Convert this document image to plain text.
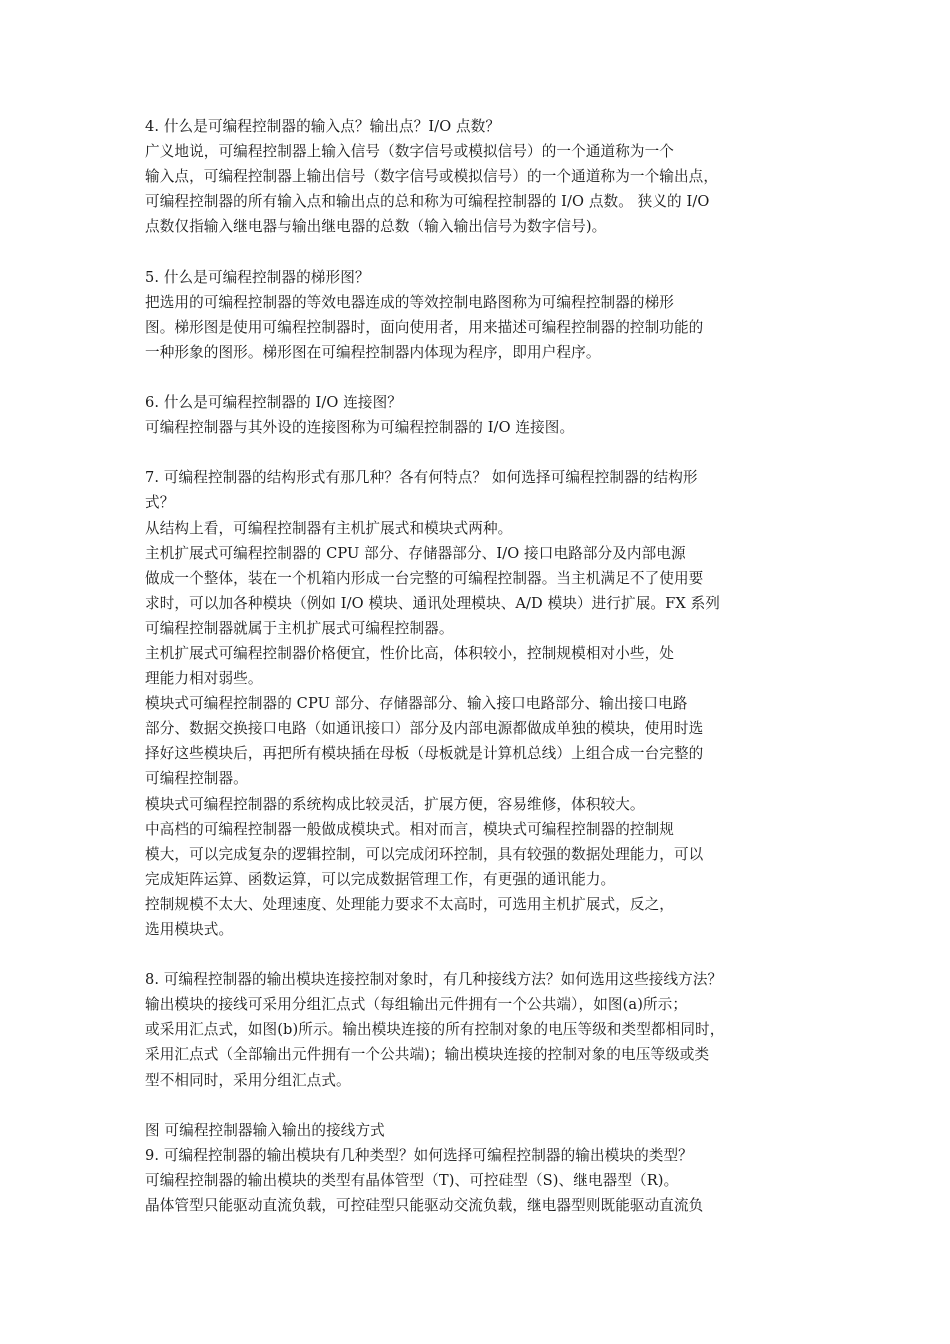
4. 什么是可编程控制器的输入点？输出点？I/O 点数？
广义地说，可编程控制器上输入信号（数字信号或模拟信号）的一个通道称为一个
输入点，可编程控制器上输出信号（数字信号或模拟信号）的一个通道称为一个输出点，
可编程控制器的所有输入点和输出点的总和称为可编程控制器的 I/O 点数。 狭义的 I/O
点数仅指输入继电器与输出继电器的总数（输入输出信号为数字信号)。
5. 什么是可编程控制器的梯形图？
把选用的可编程控制器的等效电器连成的等效控制电路图称为可编程控制器的梯形
图。梯形图是使用可编程控制器时，面向使用者，用来描述可编程控制器的控制功能的
一种形象的图形。梯形图在可编程控制器内体现为程序，即用户程序。
6. 什么是可编程控制器的 I/O 连接图？
可编程控制器与其外设的连接图称为可编程控制器的 I/O 连接图。
7. 可编程控制器的结构形式有那几种？各有何特点？ 如何选择可编程控制器的结构形
式？
从结构上看，可编程控制器有主机扩展式和模块式两种。
主机扩展式可编程控制器的 CPU 部分、存储器部分、I/O 接口电路部分及内部电源
做成一个整体，装在一个机箱内形成一台完整的可编程控制器。当主机满足不了使用要
求时，可以加各种模块（例如 I/O 模块、通讯处理模块、A/D 模块）进行扩展。FX 系列
可编程控制器就属于主机扩展式可编程控制器。
主机扩展式可编程控制器价格便宜，性价比高，体积较小，控制规模相对小些，处
理能力相对弱些。
模块式可编程控制器的 CPU 部分、存储器部分、输入接口电路部分、输出接口电路
部分、数据交换接口电路（如通讯接口）部分及内部电源都做成单独的模块，使用时选
择好这些模块后，再把所有模块插在母板（母板就是计算机总线）上组合成一台完整的
可编程控制器。
模块式可编程控制器的系统构成比较灵活，扩展方便，容易维修，体积较大。
中高档的可编程控制器一般做成模块式。相对而言，模块式可编程控制器的控制规
模大，可以完成复杂的逻辑控制，可以完成闭环控制，具有较强的数据处理能力，可以
完成矩阵运算、函数运算，可以完成数据管理工作，有更强的通讯能力。
控制规模不太大、处理速度、处理能力要求不太高时，可选用主机扩展式，反之，
选用模块式。
8. 可编程控制器的输出模块连接控制对象时，有几种接线方法？如何选用这些接线方法？
输出模块的接线可采用分组汇点式（每组输出元件拥有一个公共端），如图(a)所示；
或采用汇点式，如图(b)所示。输出模块连接的所有控制对象的电压等级和类型都相同时，
采用汇点式（全部输出元件拥有一个公共端)；输出模块连接的控制对象的电压等级或类
型不相同时，采用分组汇点式。
图 可编程控制器输入输出的接线方式
9. 可编程控制器的输出模块有几种类型？如何选择可编程控制器的输出模块的类型？
可编程控制器的输出模块的类型有晶体管型（T)、可控硅型（S)、继电器型（R)。
晶体管型只能驱动直流负载，可控硅型只能驱动交流负载，继电器型则既能驱动直流负
